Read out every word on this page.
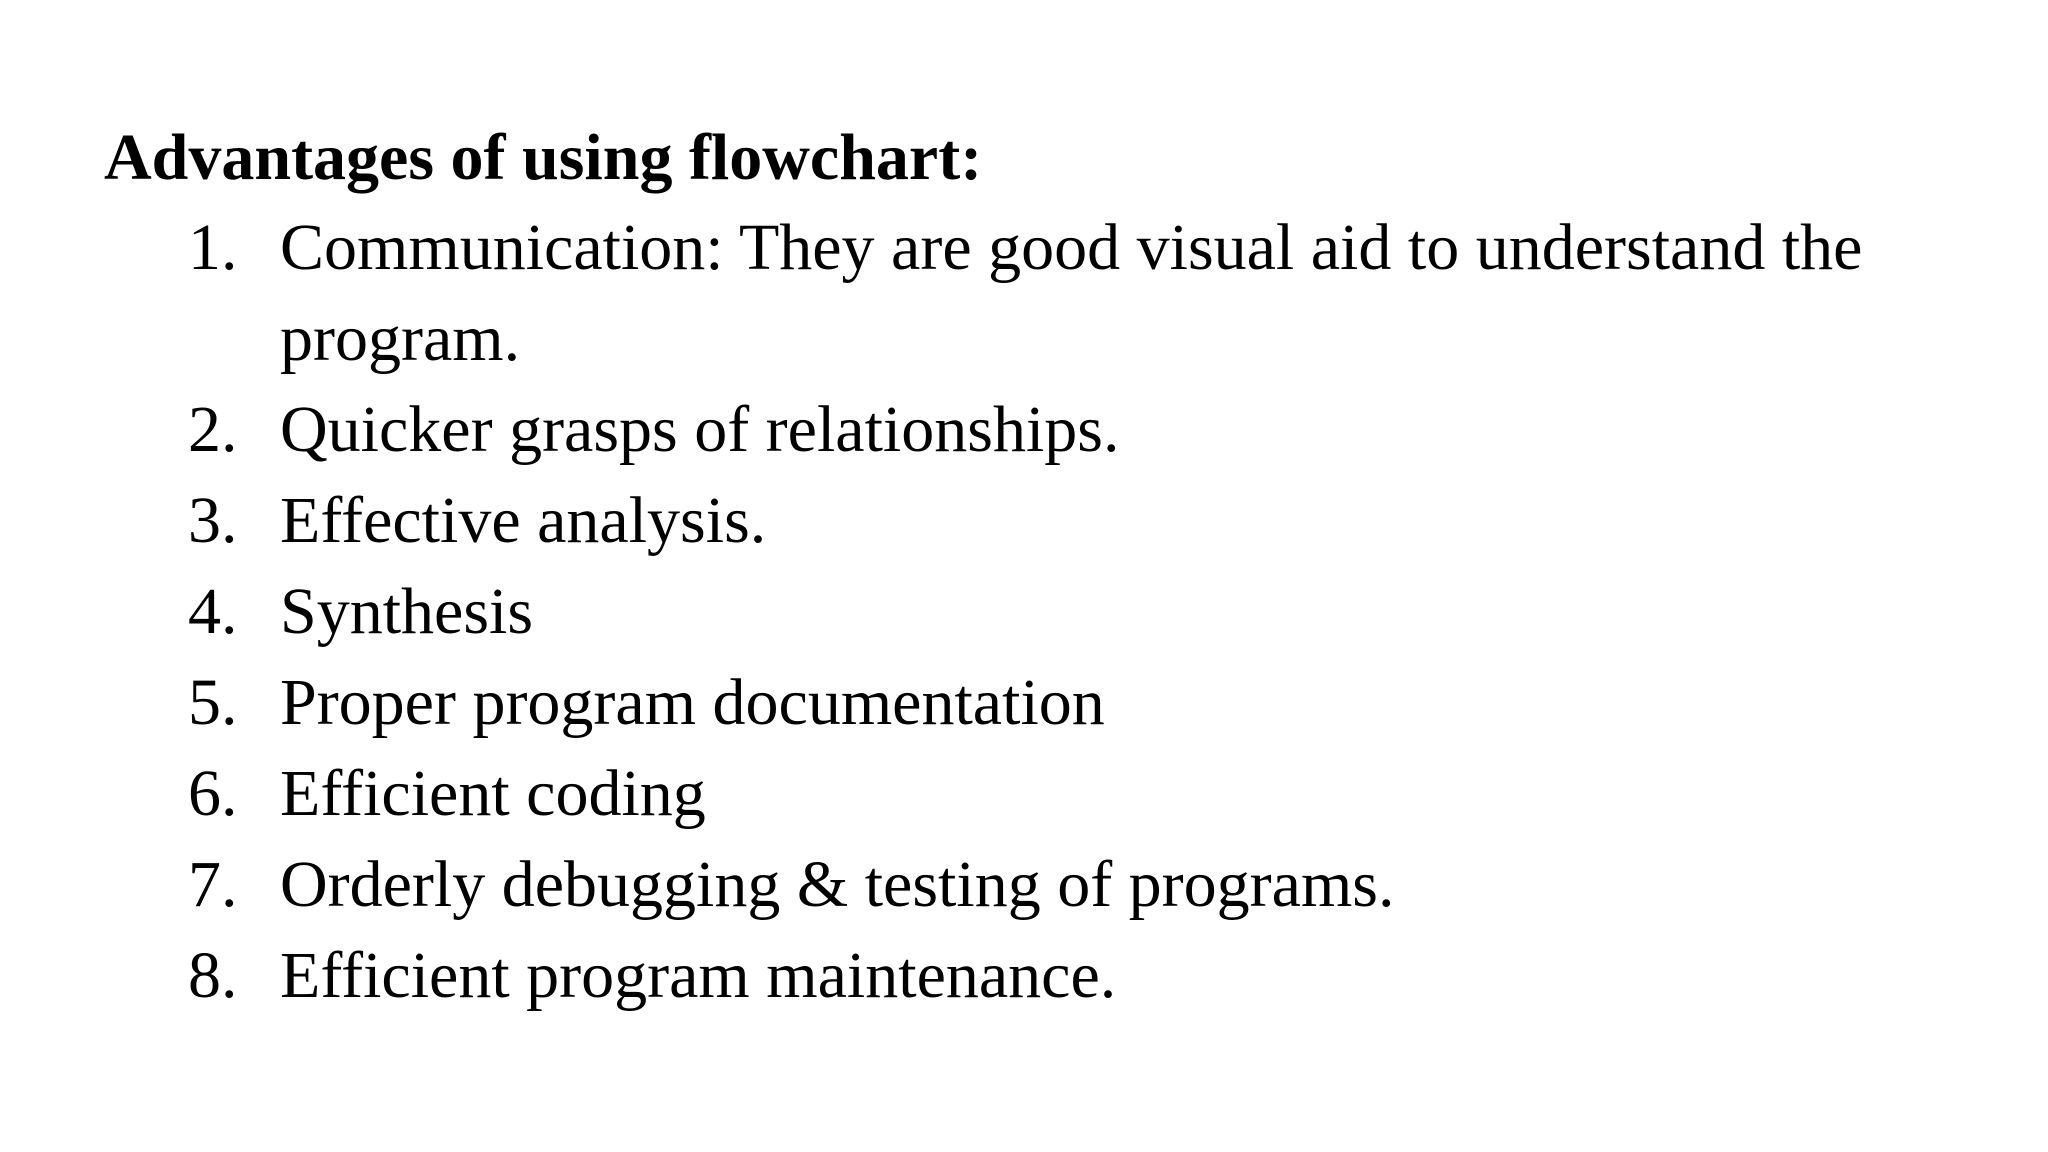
Advantages of using flowchart:
1. Communication: They are good visual aid to understand the program.
2. Quicker grasps of relationships.
3. Effective analysis.
4. Synthesis
5. Proper program documentation
6. Efficient coding
7. Orderly debugging & testing of programs.
8. Efficient program maintenance.
